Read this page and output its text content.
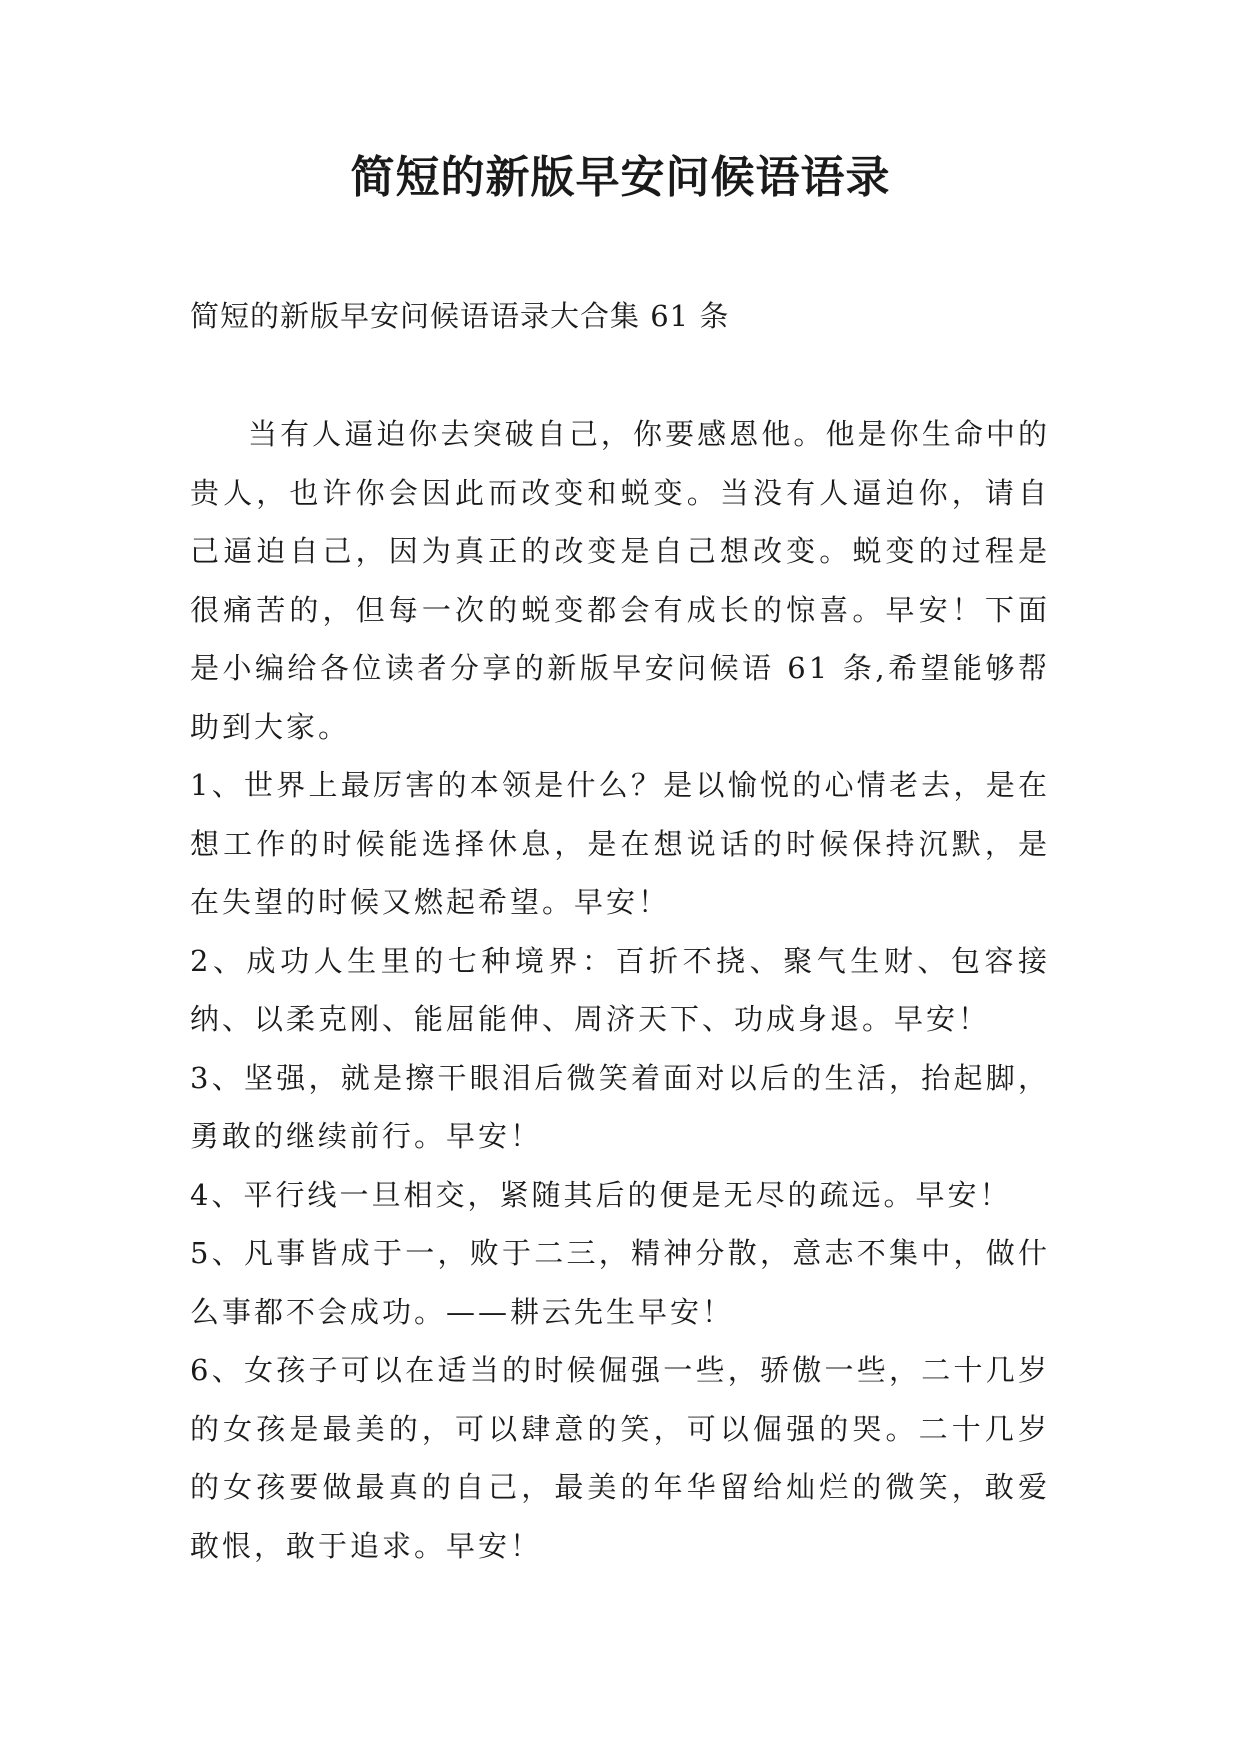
简短的新版早安问候语语录

简短的新版早安问候语语录大合集 61 条

当有人逼迫你去突破自己，你要感恩他。他是你生命中的贵人，也许你会因此而改变和蜕变。当没有人逼迫你，请自己逼迫自己，因为真正的改变是自己想改变。蜕变的过程是很痛苦的，但每一次的蜕变都会有成长的惊喜。早安！下面是小编给各位读者分享的新版早安问候语 61 条,希望能够帮助到大家。

1、世界上最厉害的本领是什么？是以愉悦的心情老去，是在想工作的时候能选择休息，是在想说话的时候保持沉默，是在失望的时候又燃起希望。早安！

2、成功人生里的七种境界：百折不挠、聚气生财、包容接纳、以柔克刚、能屈能伸、周济天下、功成身退。早安！

3、坚强，就是擦干眼泪后微笑着面对以后的生活，抬起脚，勇敢的继续前行。早安！

4、平行线一旦相交，紧随其后的便是无尽的疏远。早安！

5、凡事皆成于一，败于二三，精神分散，意志不集中，做什么事都不会成功。——耕云先生早安！

6、女孩子可以在适当的时候倔强一些，骄傲一些，二十几岁的女孩是最美的，可以肆意的笑，可以倔强的哭。二十几岁的女孩要做最真的自己，最美的年华留给灿烂的微笑，敢爱敢恨，敢于追求。早安！
